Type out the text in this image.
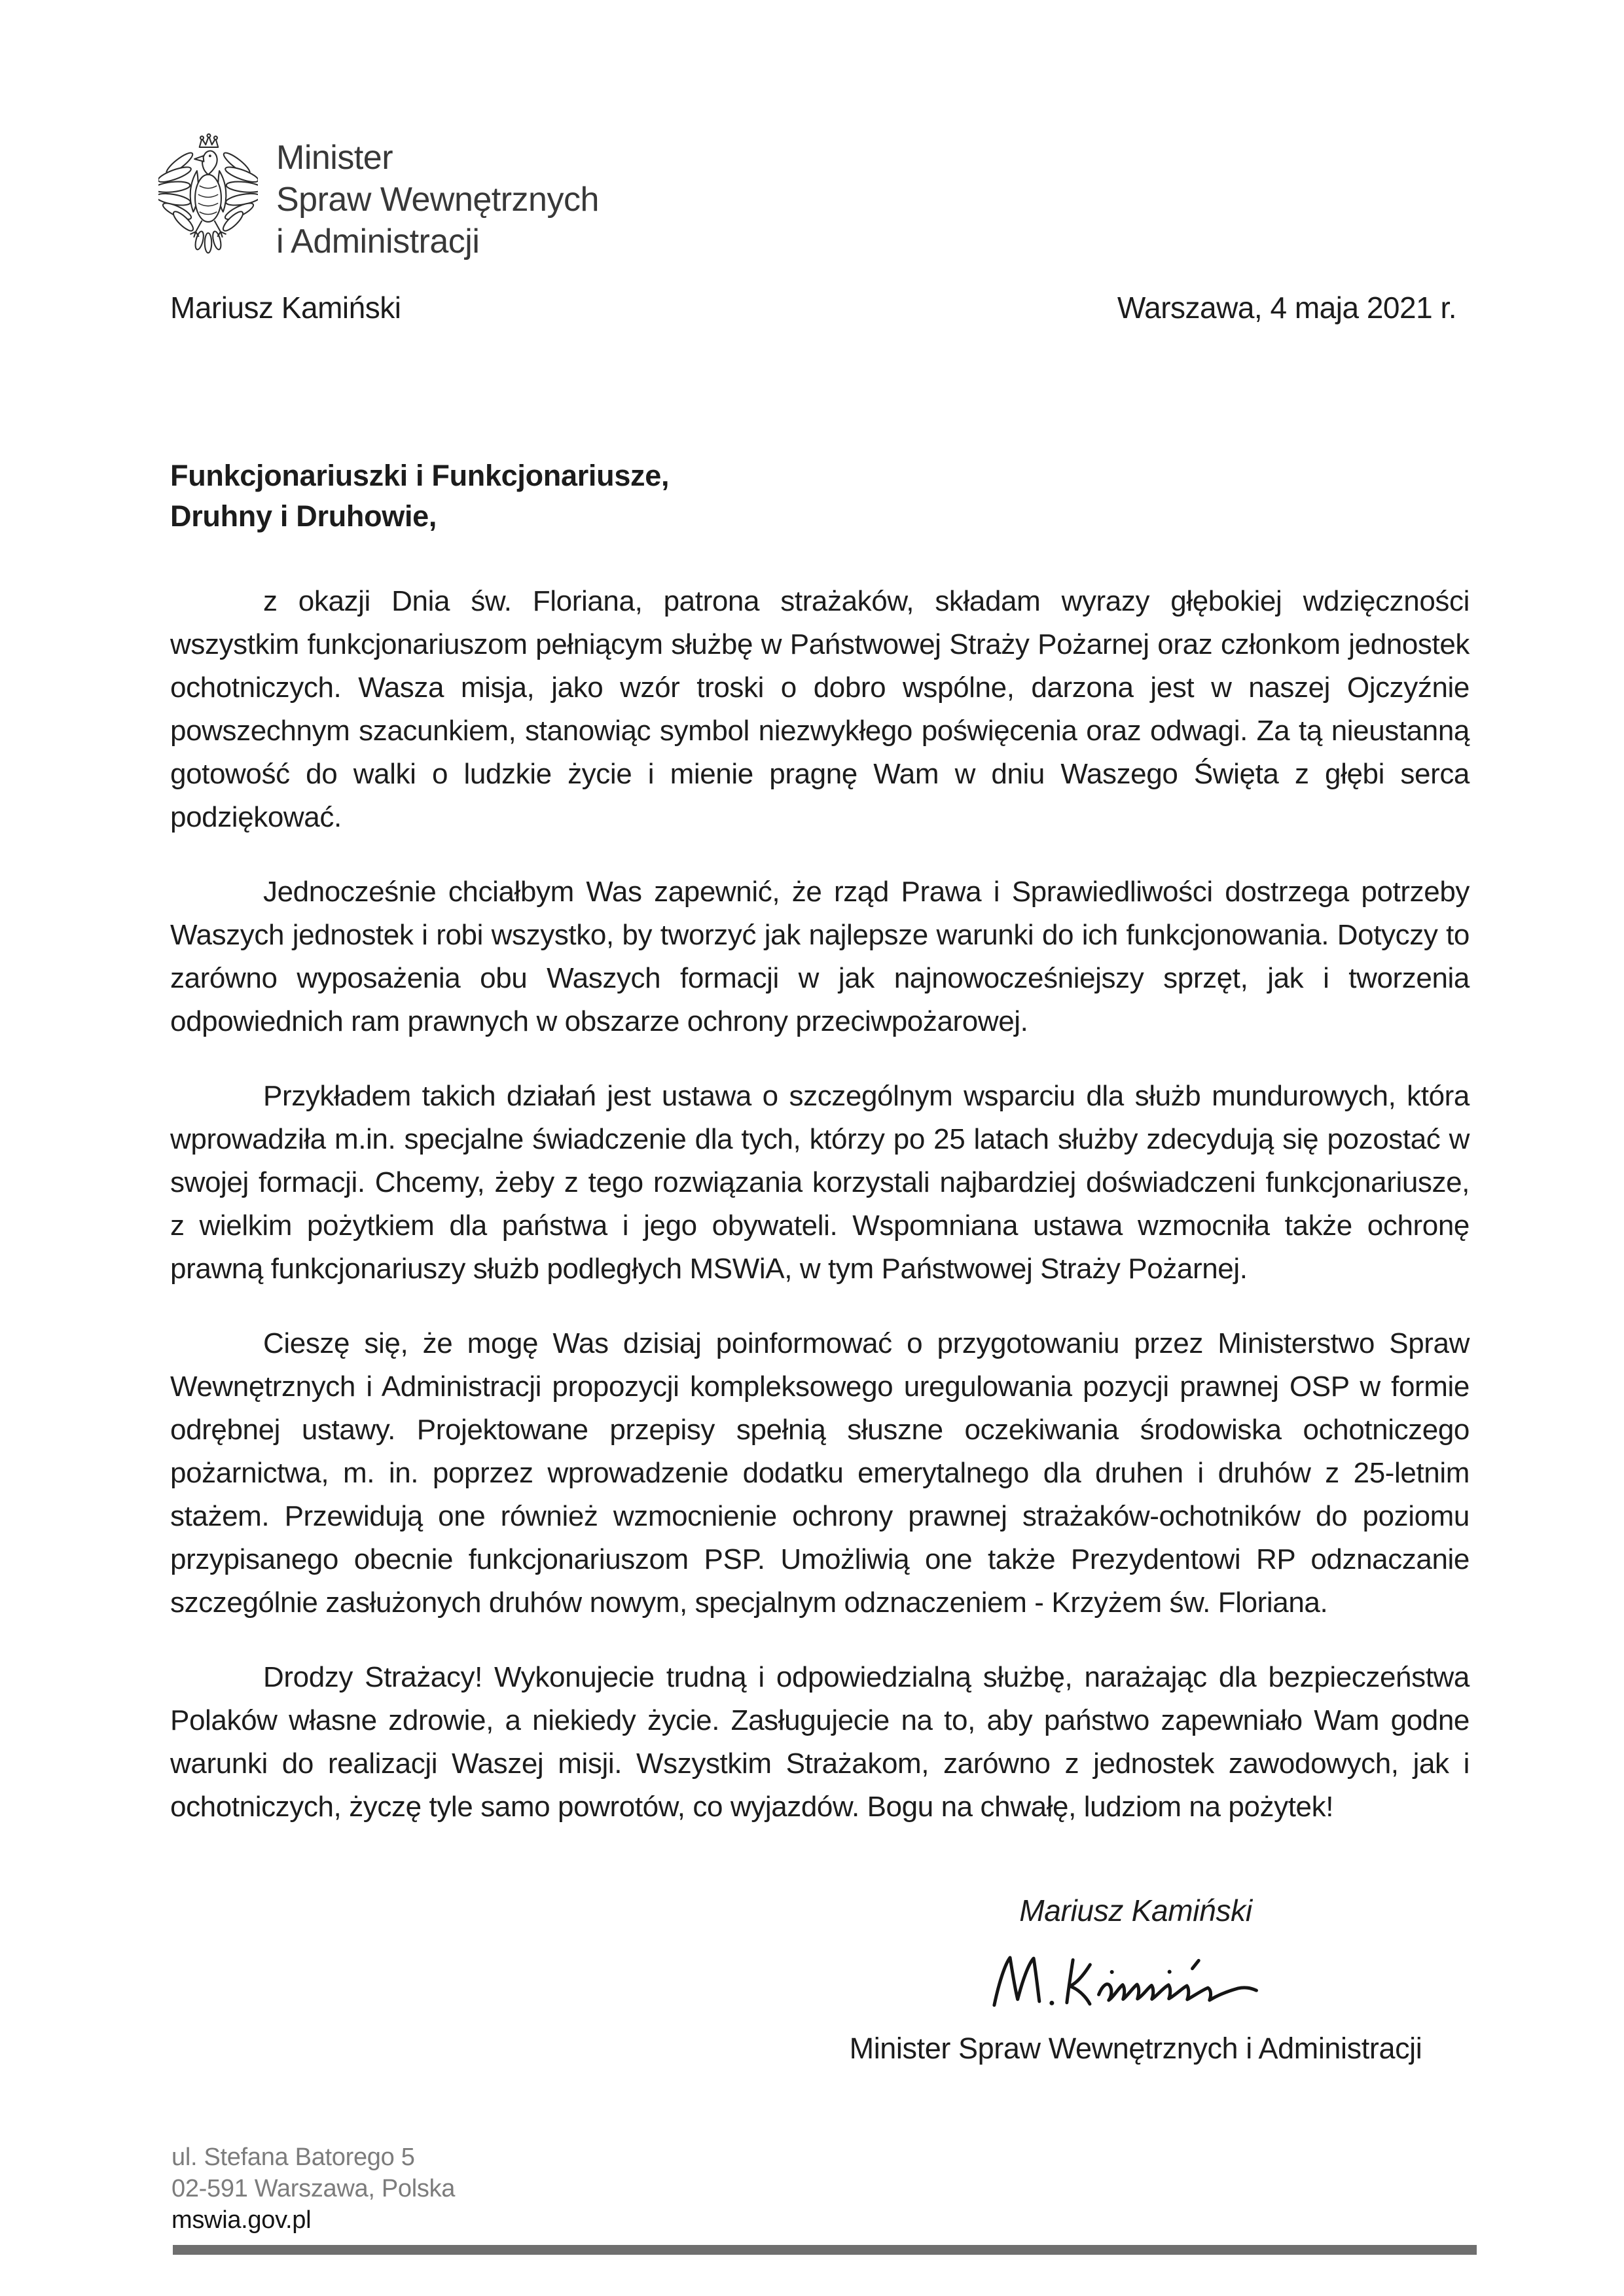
Minister
Spraw Wewnętrznych
i Administracji
Mariusz Kamiński	Warszawa, 4 maja 2021 r.
Funkcjonariuszki i Funkcjonariusze,
Druhny i Druhowie,

z okazji Dnia św. Floriana, patrona strażaków, składam wyrazy głębokiej wdzięczności wszystkim funkcjonariuszom pełniącym służbę w Państwowej Straży Pożarnej oraz członkom jednostek ochotniczych. Wasza misja, jako wzór troski o dobro wspólne, darzona jest w naszej Ojczyźnie powszechnym szacunkiem, stanowiąc symbol niezwykłego poświęcenia oraz odwagi. Za tą nieustanną gotowość do walki o ludzkie życie i mienie pragnę Wam w dniu Waszego Święta z głębi serca podziękować.

Jednocześnie chciałbym Was zapewnić, że rząd Prawa i Sprawiedliwości dostrzega potrzeby Waszych jednostek i robi wszystko, by tworzyć jak najlepsze warunki do ich funkcjonowania. Dotyczy to zarówno wyposażenia obu Waszych formacji w jak najnowocześniejszy sprzęt, jak i tworzenia odpowiednich ram prawnych w obszarze ochrony przeciwpożarowej.

Przykładem takich działań jest ustawa o szczególnym wsparciu dla służb mundurowych, która wprowadziła m.in. specjalne świadczenie dla tych, którzy po 25 latach służby zdecydują się pozostać w swojej formacji. Chcemy, żeby z tego rozwiązania korzystali najbardziej doświadczeni funkcjonariusze, z wielkim pożytkiem dla państwa i jego obywateli. Wspomniana ustawa wzmocniła także ochronę prawną funkcjonariuszy służb podległych MSWiA, w tym Państwowej Straży Pożarnej.

Cieszę się, że mogę Was dzisiaj poinformować o przygotowaniu przez Ministerstwo Spraw Wewnętrznych i Administracji propozycji kompleksowego uregulowania pozycji prawnej OSP w formie odrębnej ustawy. Projektowane przepisy spełnią słuszne oczekiwania środowiska ochotniczego pożarnictwa, m. in. poprzez wprowadzenie dodatku emerytalnego dla druhen i druhów z 25-letnim stażem. Przewidują one również wzmocnienie ochrony prawnej strażaków-ochotników do poziomu przypisanego obecnie funkcjonariuszom PSP. Umożliwią one także Prezydentowi RP odznaczanie szczególnie zasłużonych druhów nowym, specjalnym odznaczeniem - Krzyżem św. Floriana.

Drodzy Strażacy! Wykonujecie trudną i odpowiedzialną służbę, narażając dla bezpieczeństwa Polaków własne zdrowie, a niekiedy życie. Zasługujecie na to, aby państwo zapewniało Wam godne warunki do realizacji Waszej misji. Wszystkim Strażakom, zarówno z jednostek zawodowych, jak i ochotniczych, życzę tyle samo powrotów, co wyjazdów. Bogu na chwałę, ludziom na pożytek!

Mariusz Kamiński
Minister Spraw Wewnętrznych i Administracji
ul. Stefana Batorego 5
02-591 Warszawa, Polska
mswia.gov.pl
